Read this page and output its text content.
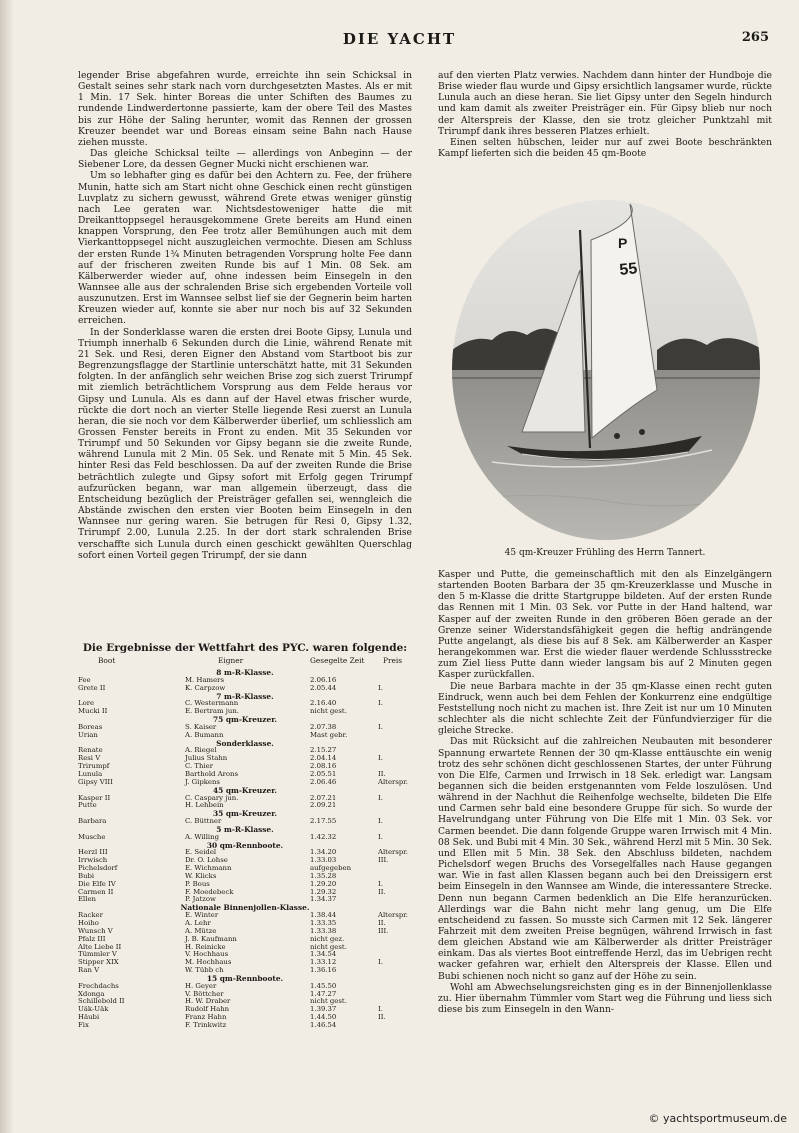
DIE YACHT	265

legender Brise abgefahren wurde, erreichte ihn sein Schicksal in Gestalt seines sehr stark nach vorn durchgesetzten Mastes. Als er mit 1 Min. 17 Sek. hinter Boreas die unter Schiften des Baumes zu rundende Lindwerdertonne passierte, kam der obere Teil des Mastes bis zur Höhe der Saling herunter, womit das Rennen der grossen Kreuzer beendet war und Boreas einsam seine Bahn nach Hause ziehen musste.

Das gleiche Schicksal teilte — allerdings von Anbeginn — der Siebener Lore, da dessen Gegner Mucki nicht erschienen war.

Um so lebhafter ging es dafür bei den Achtern zu. Fee, der frühere Munin, hatte sich am Start nicht ohne Geschick einen recht günstigen Luvplatz zu sichern gewusst, während Grete etwas weniger günstig nach Lee geraten war. Nichtsdestoweniger hatte die mit Dreikanttoppsegel herausgekommene Grete bereits am Hund einen knappen Vorsprung, den Fee trotz aller Bemühungen auch mit dem Vierkanttoppsegel nicht auszugleichen vermochte. Diesen am Schluss der ersten Runde 1¾ Minuten betragenden Vorsprung holte Fee dann auf der frischeren zweiten Runde bis auf 1 Min. 08 Sek. am Kälberwerder wieder auf, ohne indessen beim Einsegeln in den Wannsee alle aus der schralenden Brise sich ergebenden Vorteile voll auszunutzen. Erst im Wannsee selbst lief sie der Gegnerin beim harten Kreuzen wieder auf, konnte sie aber nur noch bis auf 32 Sekunden erreichen.

In der Sonderklasse waren die ersten drei Boote Gipsy, Lunula und Triumph innerhalb 6 Sekunden durch die Linie, während Renate mit 21 Sek. und Resi, deren Eigner den Abstand vom Startboot bis zur Begrenzungsflagge der Startlinie unterschätzt hatte, mit 31 Sekunden folgten. In der anfänglich sehr weichen Brise zog sich zuerst Trirumpf mit ziemlich beträchtlichem Vorsprung aus dem Felde heraus vor Gipsy und Lunula. Als es dann auf der Havel etwas frischer wurde, rückte die dort noch an vierter Stelle liegende Resi zuerst an Lunula heran, die sie noch vor dem Kälberwerder überlief, um schliesslich am Grossen Fenster bereits in Front zu enden. Mit 35 Sekunden vor Trirumpf und 50 Sekunden vor Gipsy begann sie die zweite Runde, während Lunula mit 2 Min. 05 Sek. und Renate mit 5 Min. 45 Sek. hinter Resi das Feld beschlossen. Da auf der zweiten Runde die Brise beträchtlich zulegte und Gipsy sofort mit Erfolg gegen Trirumpf aufzurücken begann, war man allgemein überzeugt, dass die Entscheidung bezüglich der Preisträger gefallen sei, wenngleich die Abstände zwischen den ersten vier Booten beim Einsegeln in den Wannsee nur gering waren. Sie betrugen für Resi 0, Gipsy 1.32, Trirumpf 2.00, Lunula 2.25. In der dort stark schralenden Brise verschaffte sich Lunula durch einen geschickt gewählten Querschlag sofort einen Vorteil gegen Trirumpf, der sie dann

auf den vierten Platz verwies. Nachdem dann hinter der Hundboje die Brise wieder flau wurde und Gipsy ersichtlich langsamer wurde, rückte Lunula auch an diese heran. Sie liet Gipsy unter den Segeln hindurch und kam damit als zweiter Preisträger ein. Für Gipsy blieb nur noch der Alterspreis der Klasse, den sie trotz gleicher Punktzahl mit Trirumpf dank ihres besseren Platzes erhielt.

Einen selten hübschen, leider nur auf zwei Boote beschränkten Kampf lieferten sich die beiden 45 qm-Boote

P
55
45 qm-Kreuzer Frühling des Herrn Tannert.

Kasper und Putte, die gemeinschaftlich mit den als Einzelgängern startenden Booten Barbara der 35 qm-Kreuzerklasse und Musche in den 5 m-Klasse die dritte Startgruppe bildeten. Auf der ersten Runde das Rennen mit 1 Min. 03 Sek. vor Putte in der Hand haltend, war Kasper auf der zweiten Runde in den gröberen Böen gerade an der Grenze seiner Widerstandsfähigkeit gegen die heftig andrängende Putte angelangt, als diese bis auf 8 Sek. am Kälberwerder an Kasper herangekommen war. Erst die wieder flauer werdende Schlussstrecke zum Ziel liess Putte dann wieder langsam bis auf 2 Minuten gegen Kasper zurückfallen.

Die neue Barbara machte in der 35 qm-Klasse einen recht guten Eindruck, wenn auch bei dem Fehlen der Konkurrenz eine endgültige Feststellung noch nicht zu machen ist. Ihre Zeit ist nur um 10 Minuten schlechter als die nicht schlechte Zeit der Fünfundvierziger für die gleiche Strecke.

Das mit Rücksicht auf die zahlreichen Neubauten mit besonderer Spannung erwartete Rennen der 30 qm-Klasse enttäuschte ein wenig trotz des sehr schönen dicht geschlossenen Startes, der unter Führung von Die Elfe, Carmen und Irrwisch in 18 Sek. erledigt war. Langsam begannen sich die beiden erstgenannten vom Felde loszulösen. Und während in der Nachhut die Reihenfolge wechselte, bildeten Die Elfe und Carmen sehr bald eine besondere Gruppe für sich. So wurde der Havelrundgang unter Führung von Die Elfe mit 1 Min. 03 Sek. vor Carmen beendet. Die dann folgende Gruppe waren Irrwisch mit 4 Min. 08 Sek. und Bubi mit 4 Min. 30 Sek., während Herzl mit 5 Min. 30 Sek. und Ellen mit 5 Min. 38 Sek. den Abschluss bildeten, nachdem Pichelsdorf wegen Bruchs des Vorsegelfalles nach Hause gegangen war. Wie in fast allen Klassen begann auch bei den Dreissigern erst beim Einsegeln in den Wannsee am Winde, die interessantere Strecke. Denn nun begann Carmen bedenklich an Die Elfe heranzurücken. Allerdings war die Bahn nicht mehr lang genug, um Die Elfe entscheidend zu fassen. So musste sich Carmen mit 12 Sek. längerer Fahrzeit mit dem zweiten Preise begnügen, während Irrwisch in fast dem gleichen Abstand wie am Kälberwerder als dritter Preisträger einkam. Das als viertes Boot eintreffende Herzl, das im Uebrigen recht wacker gefahren war, erhielt den Alterspreis der Klasse. Ellen und Bubi schienen noch nicht so ganz auf der Höhe zu sein.

Wohl am Abwechselungsreichsten ging es in der Binnenjollenklasse zu. Hier übernahm Tümmler vom Start weg die Führung und liess sich diese bis zum Einsegeln in den Wann-

Die Ergebnisse der Wettfahrt des PYC. waren folgende:
Boot	Eigner	Gesegelte Zeit	Preis
8 m-R-Klasse.
Fee	M. Hamers	2.06.16
Grete II	K. Carpzow	2.05.44	I.
7 m-R-Klasse.
Lore	C. Westermann	2.16.40	I.
Mucki II	E. Bertram jun.	nicht gest.
75 qm-Kreuzer.
Boreas	S. Kaiser	2.07.38	I.
Urian	A. Bumann	Mast gebr.
Sonderklasse.
Renate	A. Riegel	2.15.27
Resi V	Julius Stahn	2.04.14	I.
Trirumpf	C. Thier	2.08.16
Lunula	Barthold Arons	2.05.51	II.
Gipsy VIII	J. Gipkens	2.06.46	Alterspr.
45 qm-Kreuzer.
Kasper II	C. Caspary jun.	2.07.21	I.
Putte	H. Lehbein	2.09.21
35 qm-Kreuzer.
Barbara	C. Büttner	2.17.55	I.
5 m-R-Klasse.
Musche	A. Willing	1.42.32	I.
30 qm-Rennboote.
Herzl III	E. Seidel	1.34.20	Alterspr.
Irrwisch	Dr. O. Lohse	1.33.03	III.
Pichelsdorf	E. Wichmann	aufgegeben
Bubi	W. Klicks	1.35.28
Die Elfe IV	P. Bous	1.29.20	I.
Carmen II	F. Moedebeck	1.29.32	II.
Ellen	P. Jatzow	1.34.37
Nationale Binnenjollen-Klasse.
Racker	E. Winter	1.38.44	Alterspr.
Hoiho	A. Lehr	1.33.35	II.
Wunsch V	A. Mütze	1.33.38	III.
Pfalz III	J. B. Kaufmann	nicht gez.
Alte Liebe II	H. Reinicke	nicht gest.
Tümmler V	V. Hochhaus	1.34.54
Stipper XIX	M. Hochhaus	1.33.12	I.
Ran V	W. Tübb ch	1.36.16
15 qm-Rennboote.
Frechdachs	H. Geyer	1.45.50
Xdonga	V. Böttcher	1.47.27
Schillebold II	H. W. Draber	nicht gest.
Uäk-Uäk	Rudolf Hahn	1.39.37	I.
Häubi	Franz Hahn	1.44.50	II.
Fix	F. Trinkwitz	1.46.54
© yachtsportmuseum.de
